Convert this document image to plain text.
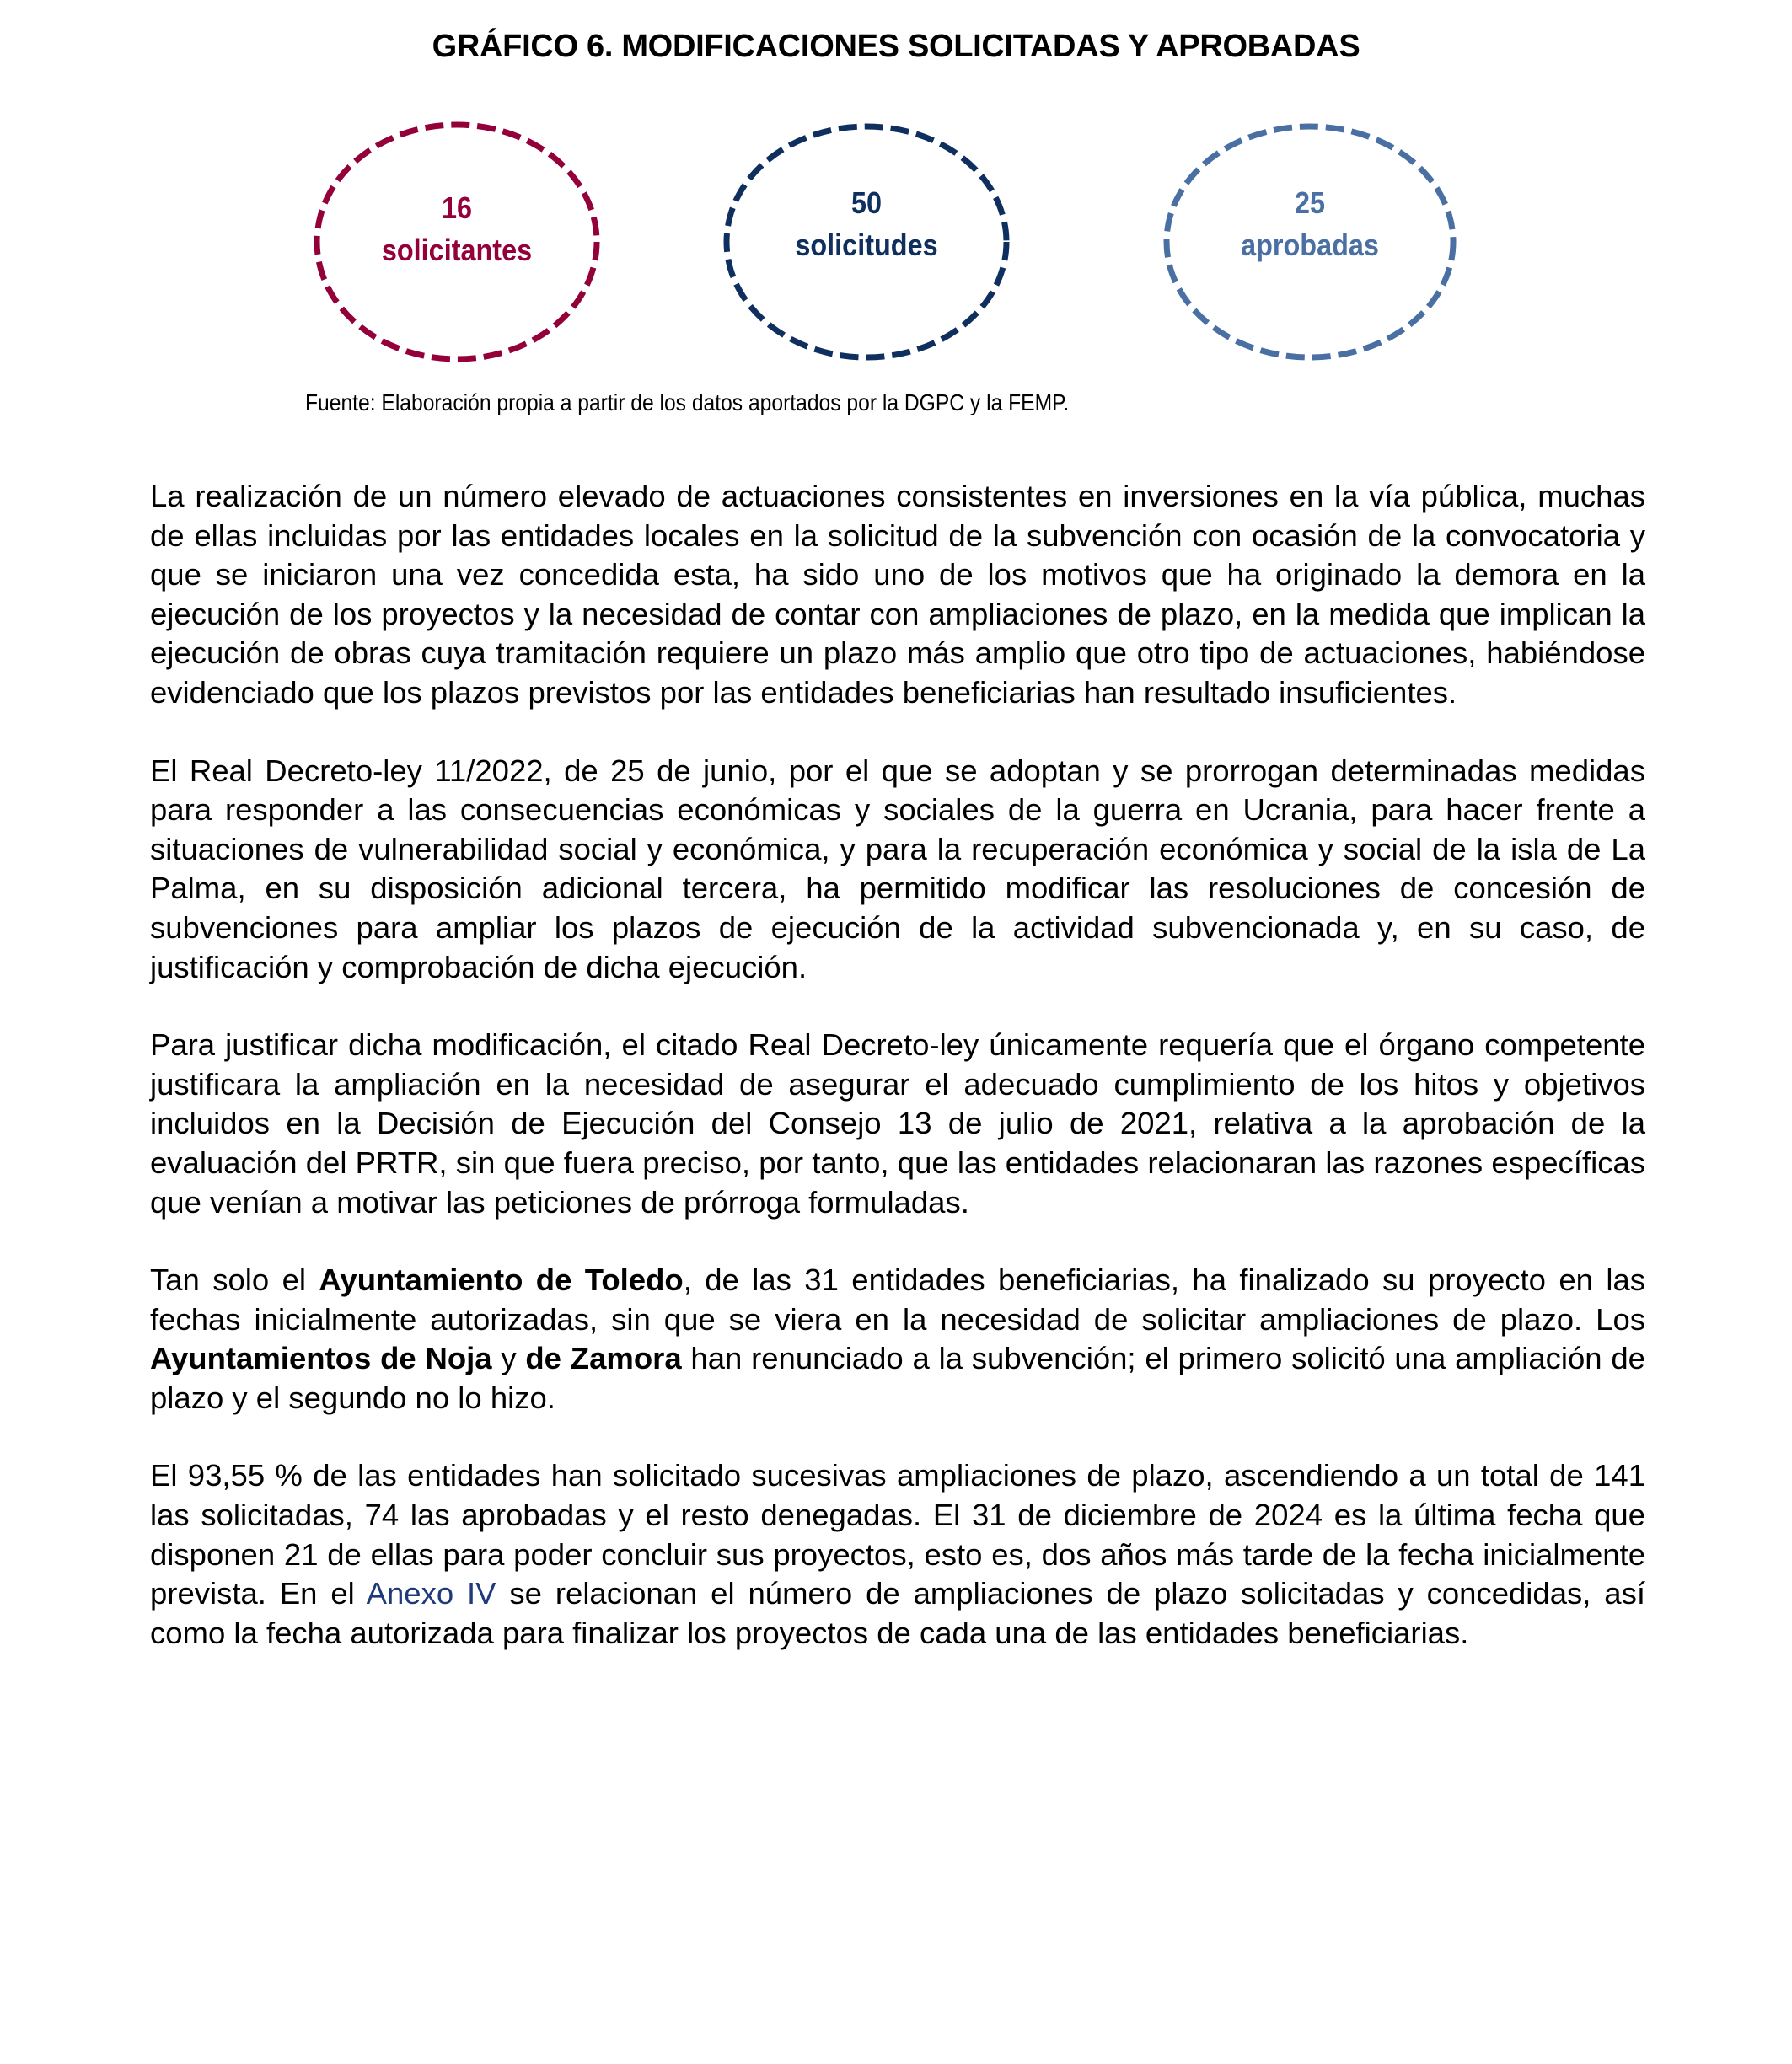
GRÁFICO 6. MODIFICACIONES SOLICITADAS Y APROBADAS
16
solicitantes
50
solicitudes
25
aprobadas
Fuente: Elaboración propia a partir de los datos aportados por la DGPC y la FEMP.

La realización de un número elevado de actuaciones consistentes en inversiones en la vía pública, muchas de ellas incluidas por las entidades locales en la solicitud de la subvención con ocasión de la convocatoria y que se iniciaron una vez concedida esta, ha sido uno de los motivos que ha originado la demora en la ejecución de los proyectos y la necesidad de contar con ampliaciones de plazo, en la medida que implican la ejecución de obras cuya tramitación requiere un plazo más amplio que otro tipo de actuaciones, habiéndose evidenciado que los plazos previstos por las entidades beneficiarias han resultado insuficientes.

El Real Decreto-ley 11/2022, de 25 de junio, por el que se adoptan y se prorrogan determinadas medidas para responder a las consecuencias económicas y sociales de la guerra en Ucrania, para hacer frente a situaciones de vulnerabilidad social y económica, y para la recuperación económica y social de la isla de La Palma, en su disposición adicional tercera, ha permitido modificar las resoluciones de concesión de subvenciones para ampliar los plazos de ejecución de la actividad subvencionada y, en su caso, de justificación y comprobación de dicha ejecución.

Para justificar dicha modificación, el citado Real Decreto-ley únicamente requería que el órgano competente justificara la ampliación en la necesidad de asegurar el adecuado cumplimiento de los hitos y objetivos incluidos en la Decisión de Ejecución del Consejo 13 de julio de 2021, relativa a la aprobación de la evaluación del PRTR, sin que fuera preciso, por tanto, que las entidades relacionaran las razones específicas que venían a motivar las peticiones de prórroga formuladas.

Tan solo el Ayuntamiento de Toledo, de las 31 entidades beneficiarias, ha finalizado su proyecto en las fechas inicialmente autorizadas, sin que se viera en la necesidad de solicitar ampliaciones de plazo. Los Ayuntamientos de Noja y de Zamora han renunciado a la subvención; el primero solicitó una ampliación de plazo y el segundo no lo hizo.

El 93,55 % de las entidades han solicitado sucesivas ampliaciones de plazo, ascendiendo a un total de 141 las solicitadas, 74 las aprobadas y el resto denegadas. El 31 de diciembre de 2024 es la última fecha que disponen 21 de ellas para poder concluir sus proyectos, esto es, dos años más tarde de la fecha inicialmente prevista. En el Anexo IV se relacionan el número de ampliaciones de plazo solicitadas y concedidas, así como la fecha autorizada para finalizar los proyectos de cada una de las entidades beneficiarias.
